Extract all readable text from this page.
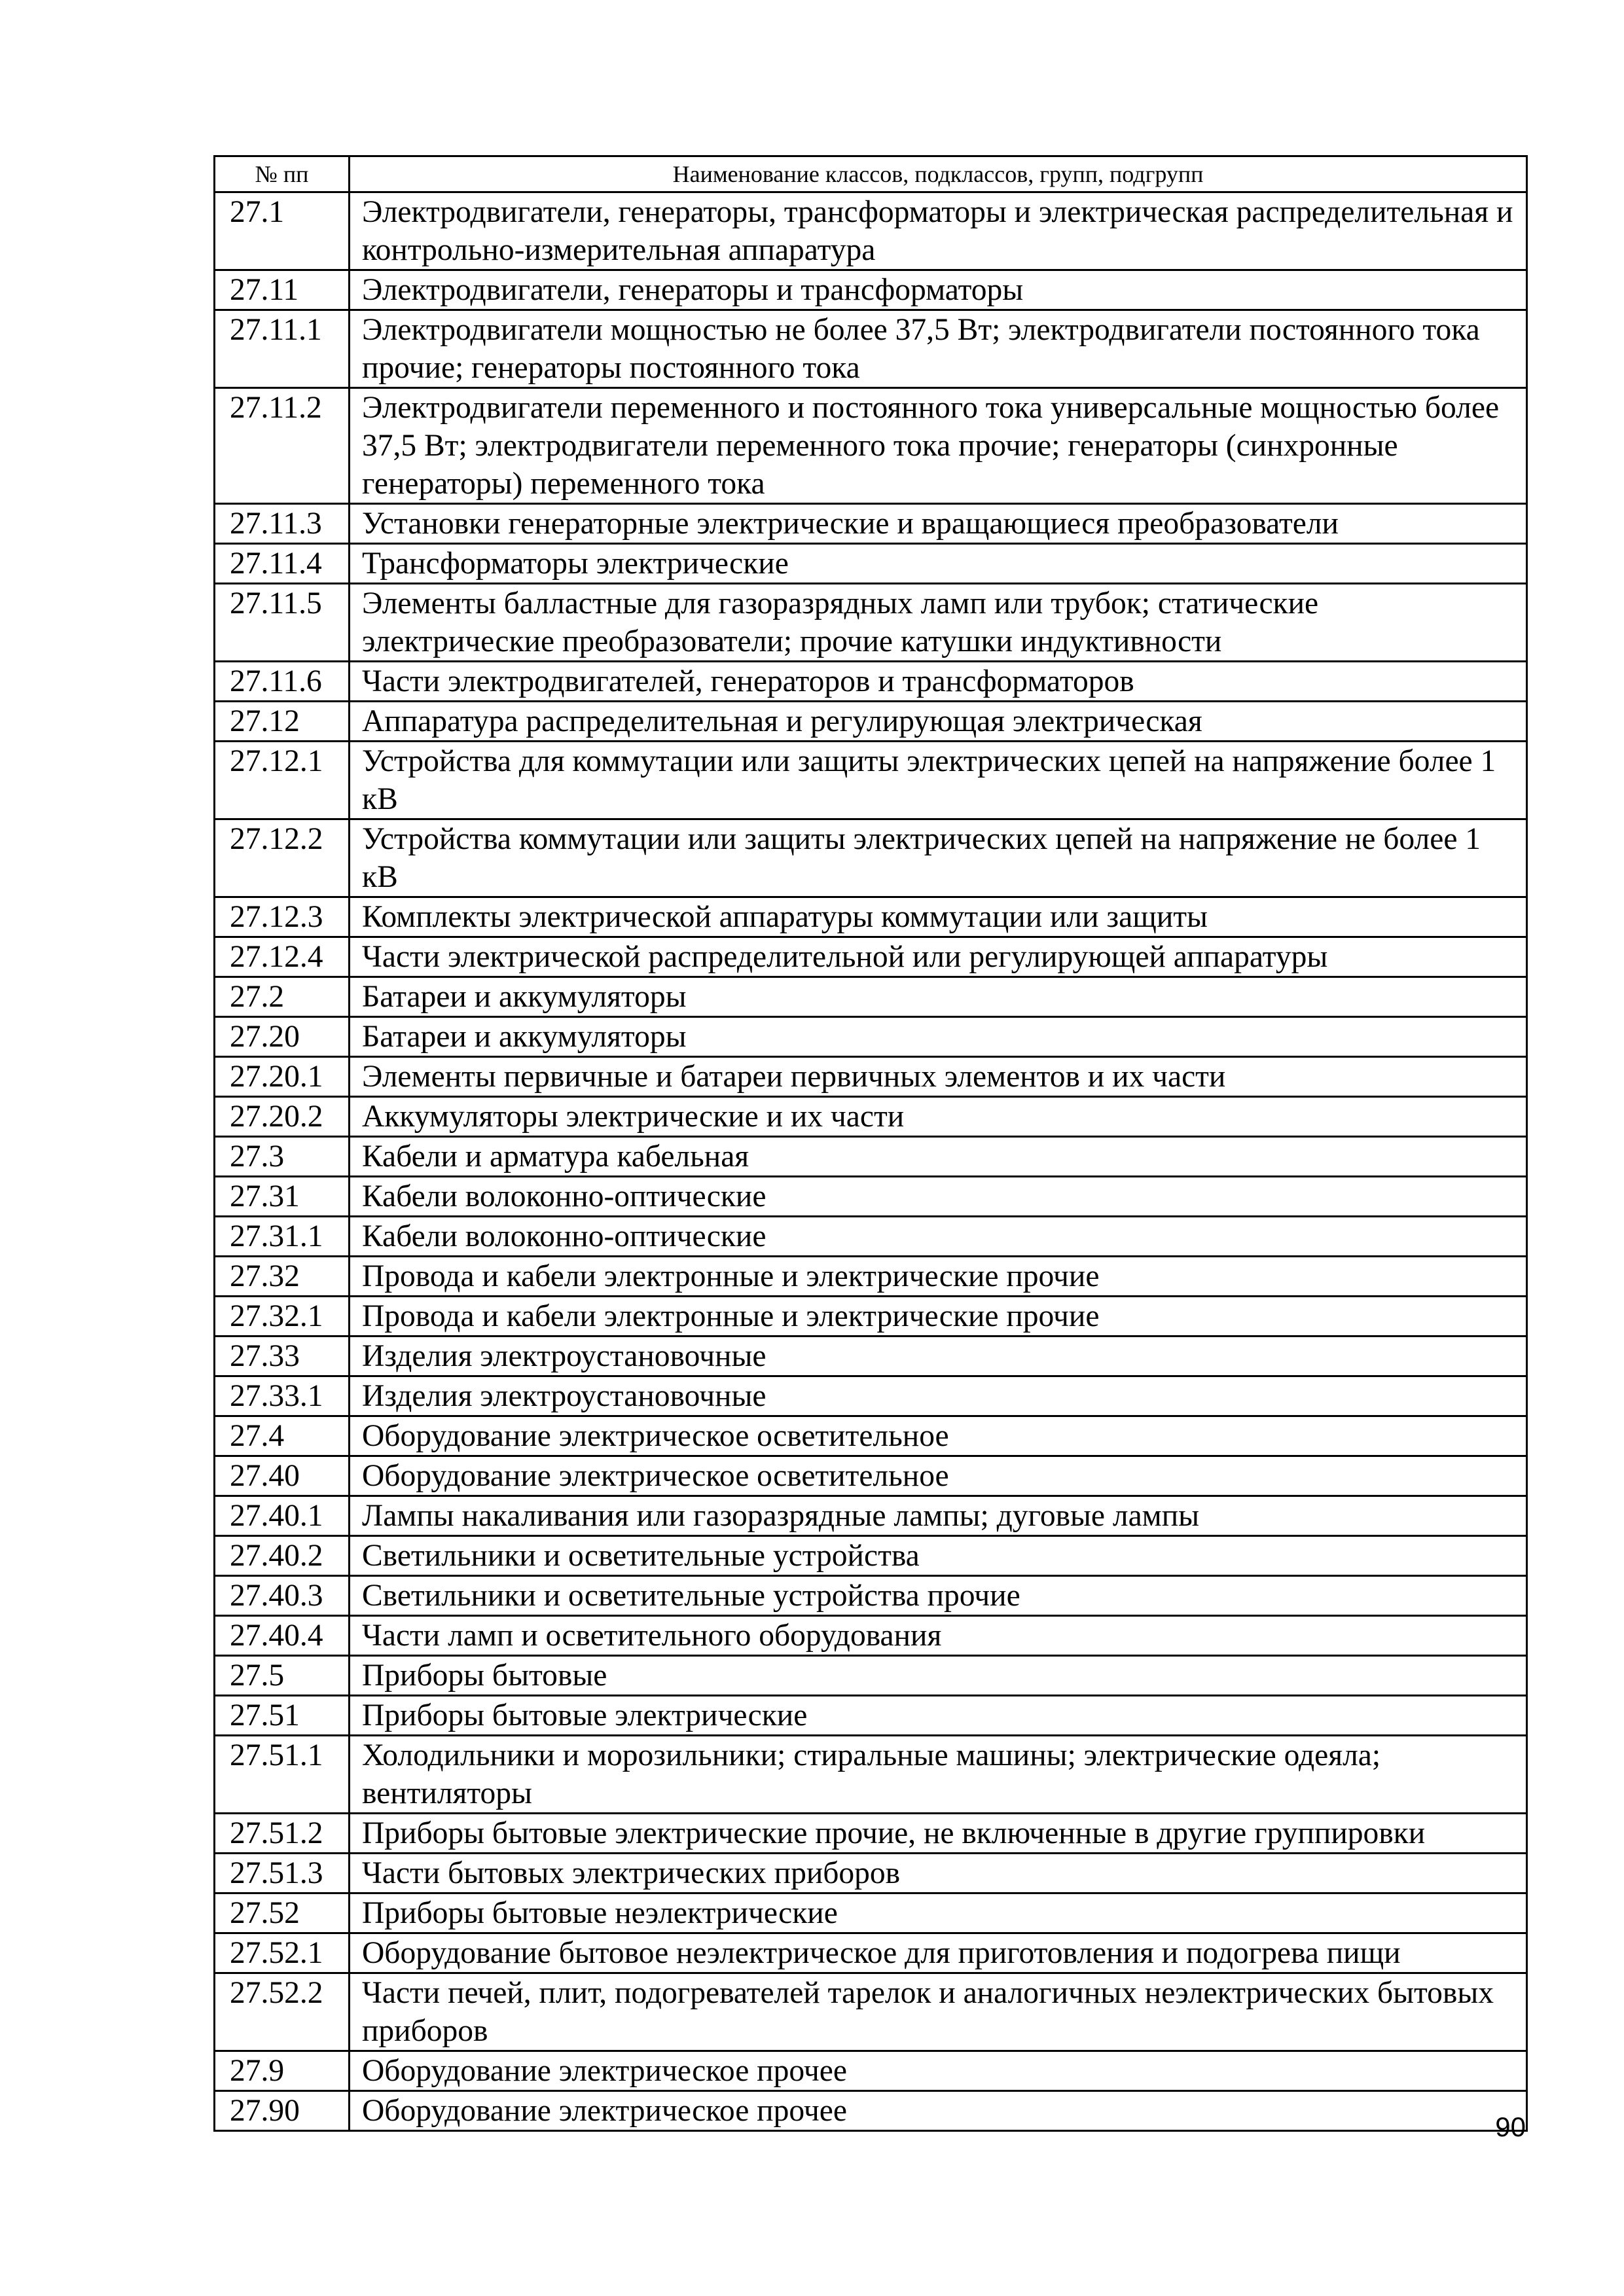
№ пп	Наименование классов, подклассов, групп, подгрупп
27.1	Электродвигатели, генераторы, трансформаторы и электрическая распределительная и контрольно-измерительная аппаратура
27.11	Электродвигатели, генераторы и трансформаторы
27.11.1	Электродвигатели мощностью не более 37,5 Вт; электродвигатели постоянного тока прочие; генераторы постоянного тока
27.11.2	Электродвигатели переменного и постоянного тока универсальные мощностью более 37,5 Вт; электродвигатели переменного тока прочие; генераторы (синхронные генераторы) переменного тока
27.11.3	Установки генераторные электрические и вращающиеся преобразователи
27.11.4	Трансформаторы электрические
27.11.5	Элементы балластные для газоразрядных ламп или трубок; статические электрические преобразователи; прочие катушки индуктивности
27.11.6	Части электродвигателей, генераторов и трансформаторов
27.12	Аппаратура распределительная и регулирующая электрическая
27.12.1	Устройства для коммутации или защиты электрических цепей на напряжение более 1 кВ
27.12.2	Устройства коммутации или защиты электрических цепей на напряжение не более 1 кВ
27.12.3	Комплекты электрической аппаратуры коммутации или защиты
27.12.4	Части электрической распределительной или регулирующей аппаратуры
27.2	Батареи и аккумуляторы
27.20	Батареи и аккумуляторы
27.20.1	Элементы первичные и батареи первичных элементов и их части
27.20.2	Аккумуляторы электрические и их части
27.3	Кабели и арматура кабельная
27.31	Кабели волоконно-оптические
27.31.1	Кабели волоконно-оптические
27.32	Провода и кабели электронные и электрические прочие
27.32.1	Провода и кабели электронные и электрические прочие
27.33	Изделия электроустановочные
27.33.1	Изделия электроустановочные
27.4	Оборудование электрическое осветительное
27.40	Оборудование электрическое осветительное
27.40.1	Лампы накаливания или газоразрядные лампы; дуговые лампы
27.40.2	Светильники и осветительные устройства
27.40.3	Светильники и осветительные устройства прочие
27.40.4	Части ламп и осветительного оборудования
27.5	Приборы бытовые
27.51	Приборы бытовые электрические
27.51.1	Холодильники и морозильники; стиральные машины; электрические одеяла; вентиляторы
27.51.2	Приборы бытовые электрические прочие, не включенные в другие группировки
27.51.3	Части бытовых электрических приборов
27.52	Приборы бытовые неэлектрические
27.52.1	Оборудование бытовое неэлектрическое для приготовления и подогрева пищи
27.52.2	Части печей, плит, подогревателей тарелок и аналогичных неэлектрических бытовых приборов
27.9	Оборудование электрическое прочее
27.90	Оборудование электрическое прочее	90
